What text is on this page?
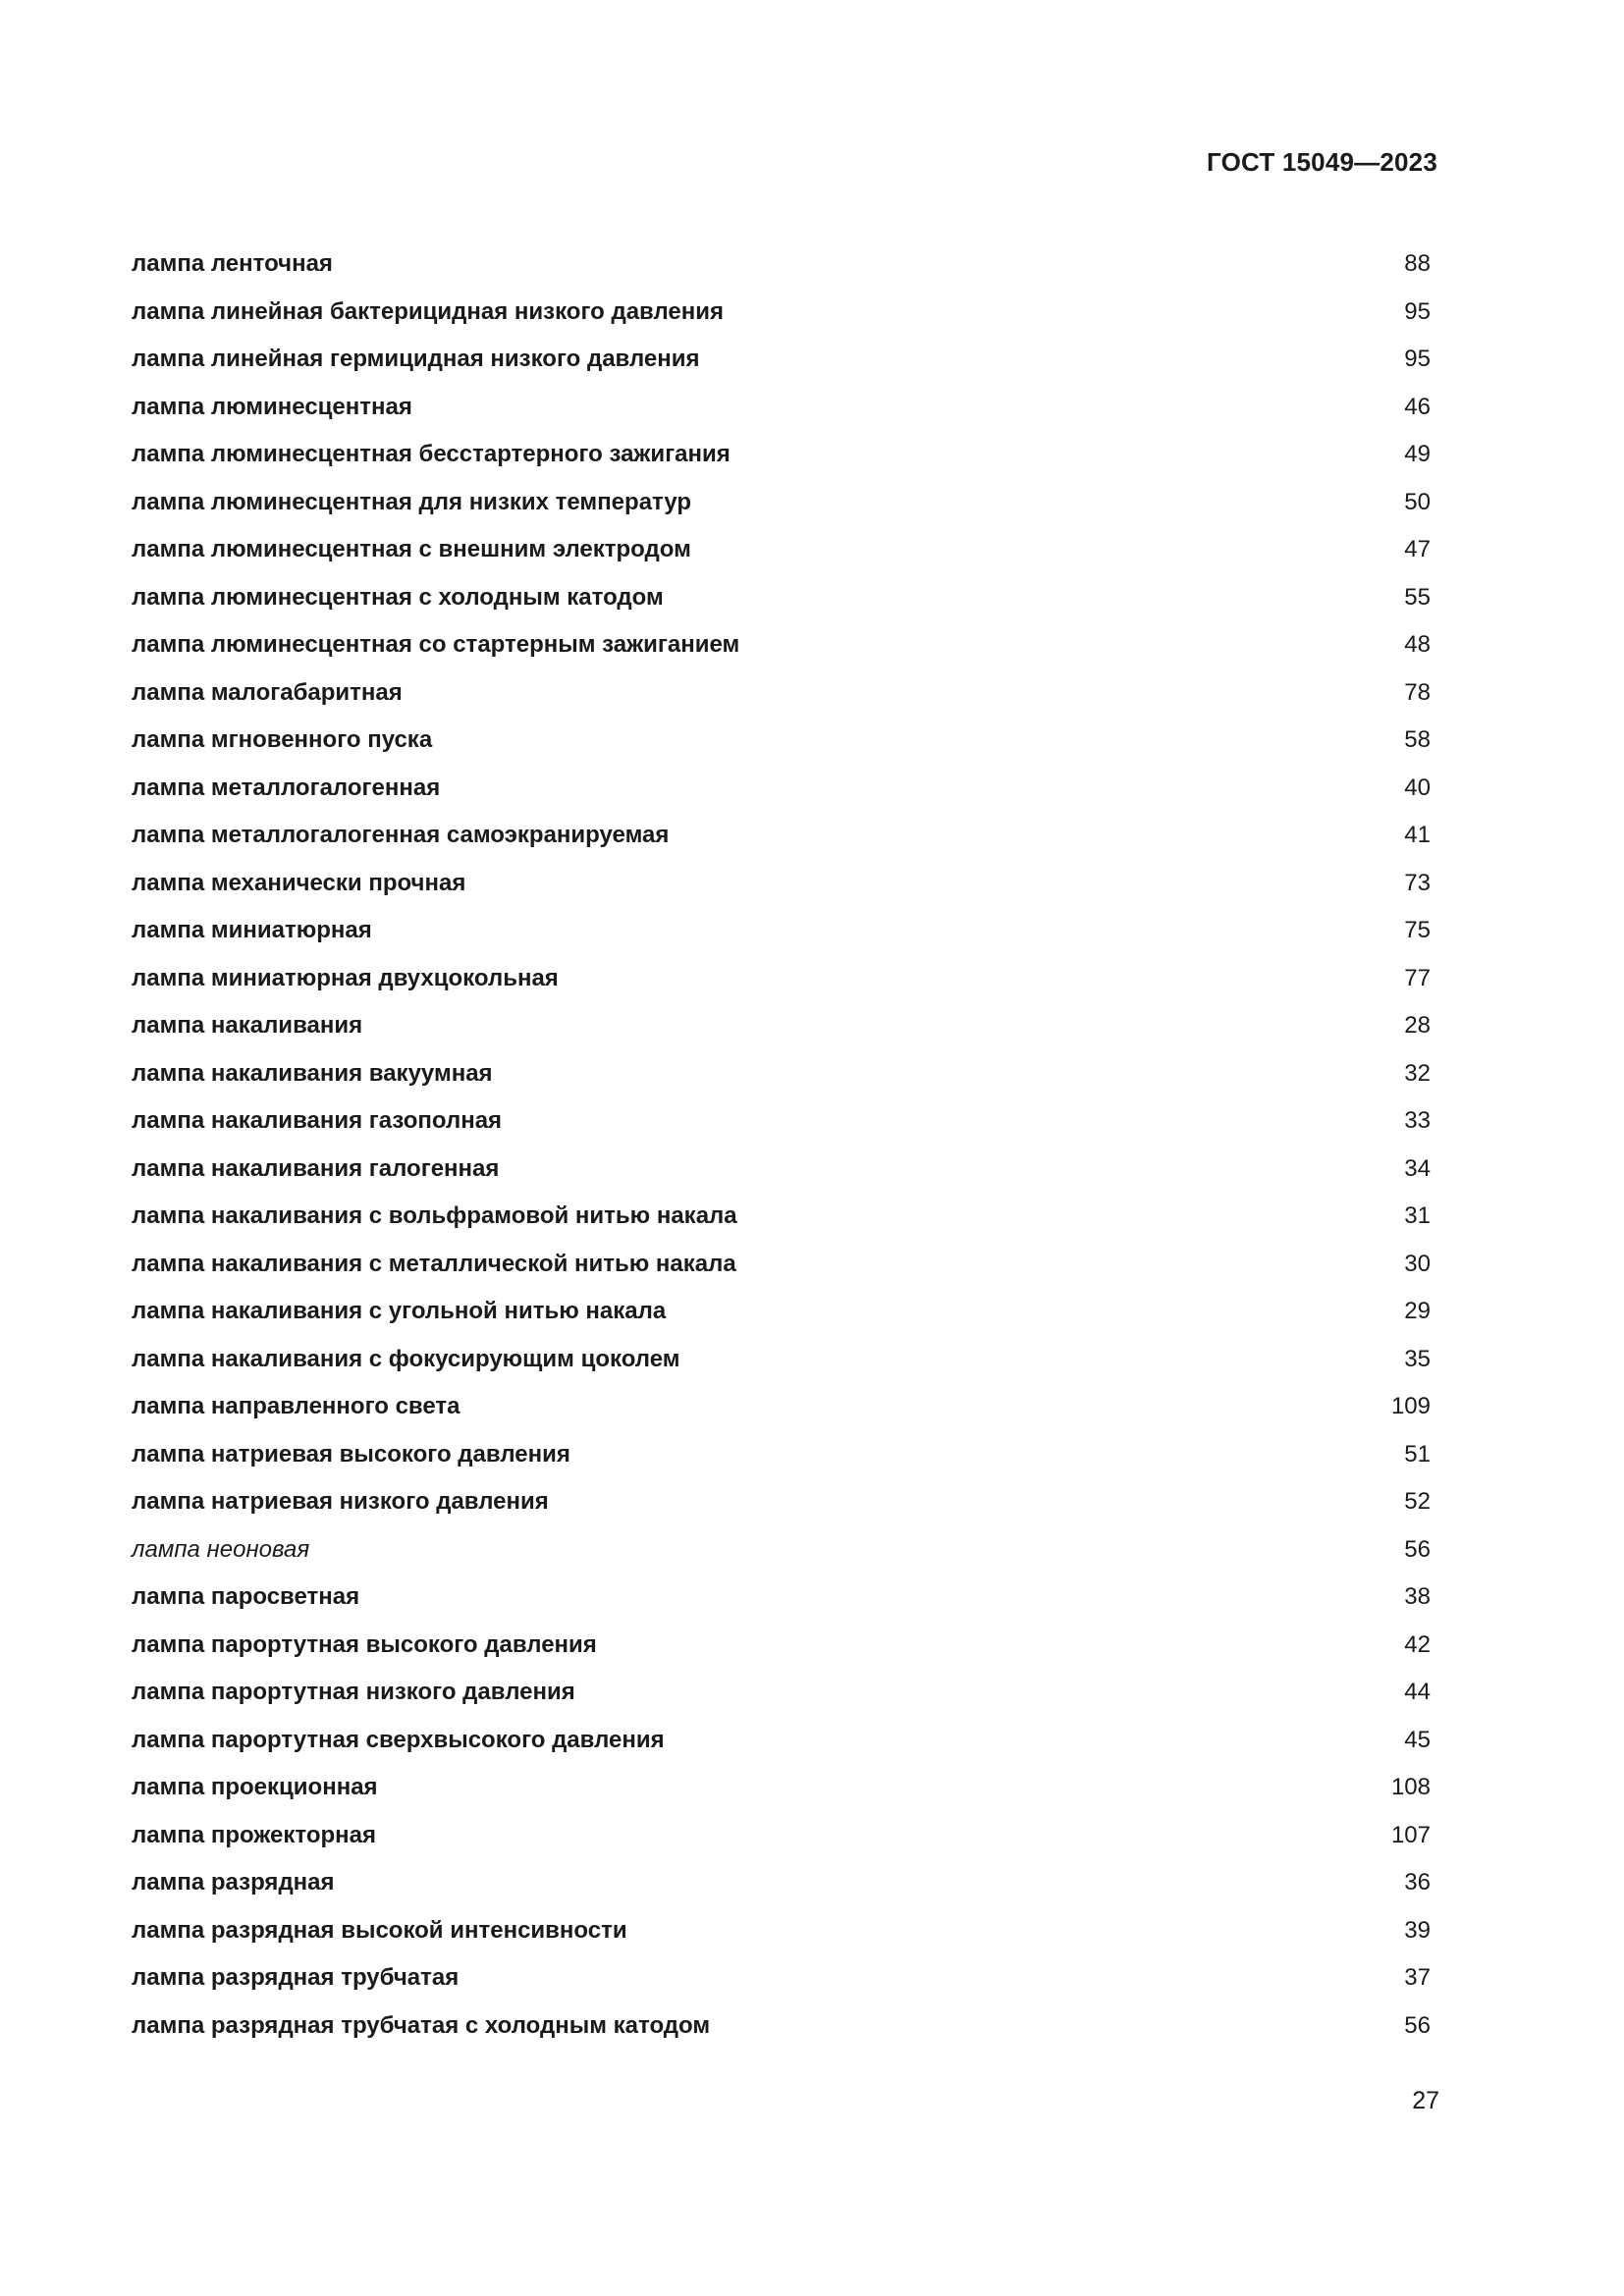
ГОСТ 15049—2023
лампа ленточная	88
лампа линейная бактерицидная низкого давления	95
лампа линейная гермицидная низкого давления	95
лампа люминесцентная	46
лампа люминесцентная бесстартерного зажигания	49
лампа люминесцентная для низких температур	50
лампа люминесцентная с внешним электродом	47
лампа люминесцентная с холодным катодом	55
лампа люминесцентная со стартерным зажиганием	48
лампа малогабаритная	78
лампа мгновенного пуска	58
лампа металлогалогенная	40
лампа металлогалогенная самоэкранируемая	41
лампа механически прочная	73
лампа миниатюрная	75
лампа миниатюрная двухцокольная	77
лампа накаливания	28
лампа накаливания вакуумная	32
лампа накаливания газополная	33
лампа накаливания галогенная	34
лампа накаливания с вольфрамовой нитью накала	31
лампа накаливания с металлической нитью накала	30
лампа накаливания с угольной нитью накала	29
лампа накаливания с фокусирующим цоколем	35
лампа направленного света	109
лампа натриевая высокого давления	51
лампа натриевая низкого давления	52
лампа неоновая	56
лампа паросветная	38
лампа парортутная высокого давления	42
лампа парортутная низкого давления	44
лампа парортутная сверхвысокого давления	45
лампа проекционная	108
лампа прожекторная	107
лампа разрядная	36
лампа разрядная высокой интенсивности	39
лампа разрядная трубчатая	37
лампа разрядная трубчатая с холодным катодом	56
27
